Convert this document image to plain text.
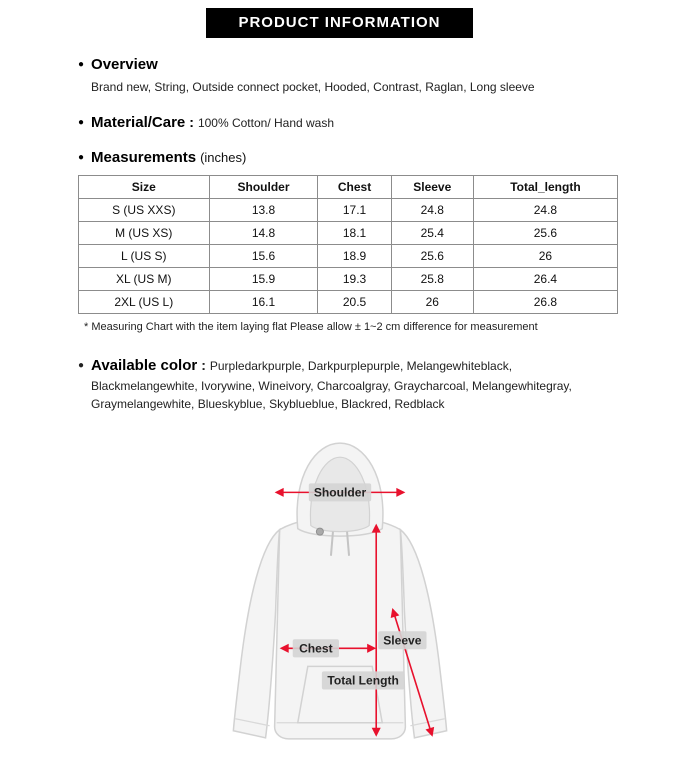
PRODUCT INFORMATION
● Overview

Brand new, String, Outside connect pocket, Hooded, Contrast, Raglan, Long sleeve

● Material/Care : 100% Cotton/ Hand wash
● Measurements (inches)
Size	Shoulder	Chest	Sleeve	Total_length
S (US XXS)	13.8	17.1	24.8	24.8
M (US XS)	14.8	18.1	25.4	25.6
L (US S)	15.6	18.9	25.6	26
XL (US M)	15.9	19.3	25.8	26.4
2XL (US L)	16.1	20.5	26	26.8

* Measuring Chart with the item laying flat Please allow ± 1~2 cm difference for measurement

● Available color : Purpledarkpurple, Darkpurplepurple, Melangewhiteblack, Blackmelangewhite, Ivorywine, Wineivory, Charcoalgray, Graycharcoal, Melangewhitegray, Graymelangewhite, Blueskyblue, Skyblueblue, Blackred, Redblack

Shoulder
Chest
Sleeve
Total Length
